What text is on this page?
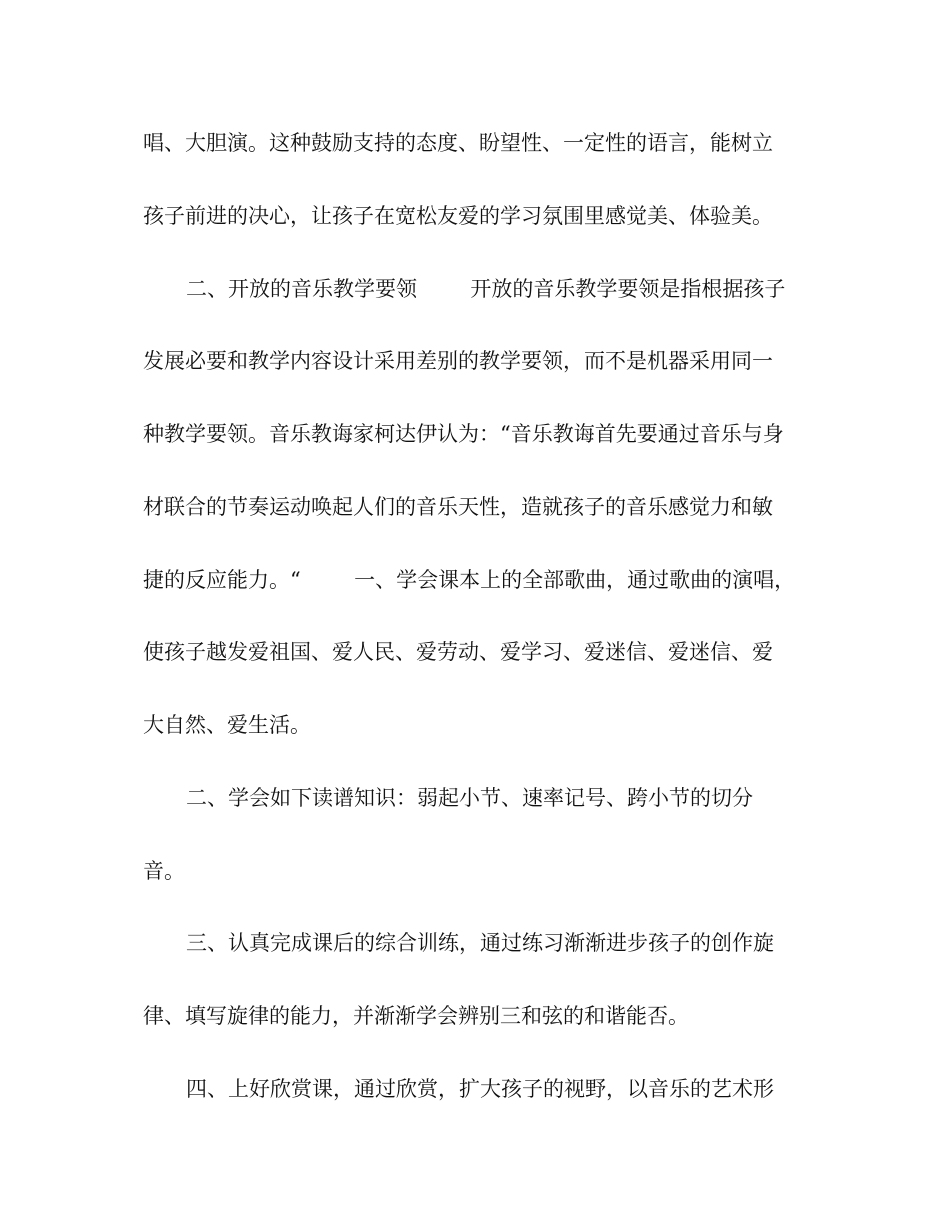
唱、大胆演。这种鼓励支持的态度、盼望性、一定性的语言，能树立
孩子前进的决心，让孩子在宽松友爱的学习氛围里感觉美、体验美。
二、开放的音乐教学要领        开放的音乐教学要领是指根据孩子
发展必要和教学内容设计采用差别的教学要领，而不是机器采用同一
种教学要领。音乐教诲家柯达伊认为：“音乐教诲首先要通过音乐与身
材联合的节奏运动唤起人们的音乐天性，造就孩子的音乐感觉力和敏
捷的反应能力。“        一、学会课本上的全部歌曲，通过歌曲的演唱，
使孩子越发爱祖国、爱人民、爱劳动、爱学习、爱迷信、爱迷信、爱
大自然、爱生活。
二、学会如下读谱知识：弱起小节、速率记号、跨小节的切分
音。
三、认真完成课后的综合训练，通过练习渐渐进步孩子的创作旋
律、填写旋律的能力，并渐渐学会辨别三和弦的和谐能否。
四、上好欣赏课，通过欣赏，扩大孩子的视野，以音乐的艺术形
